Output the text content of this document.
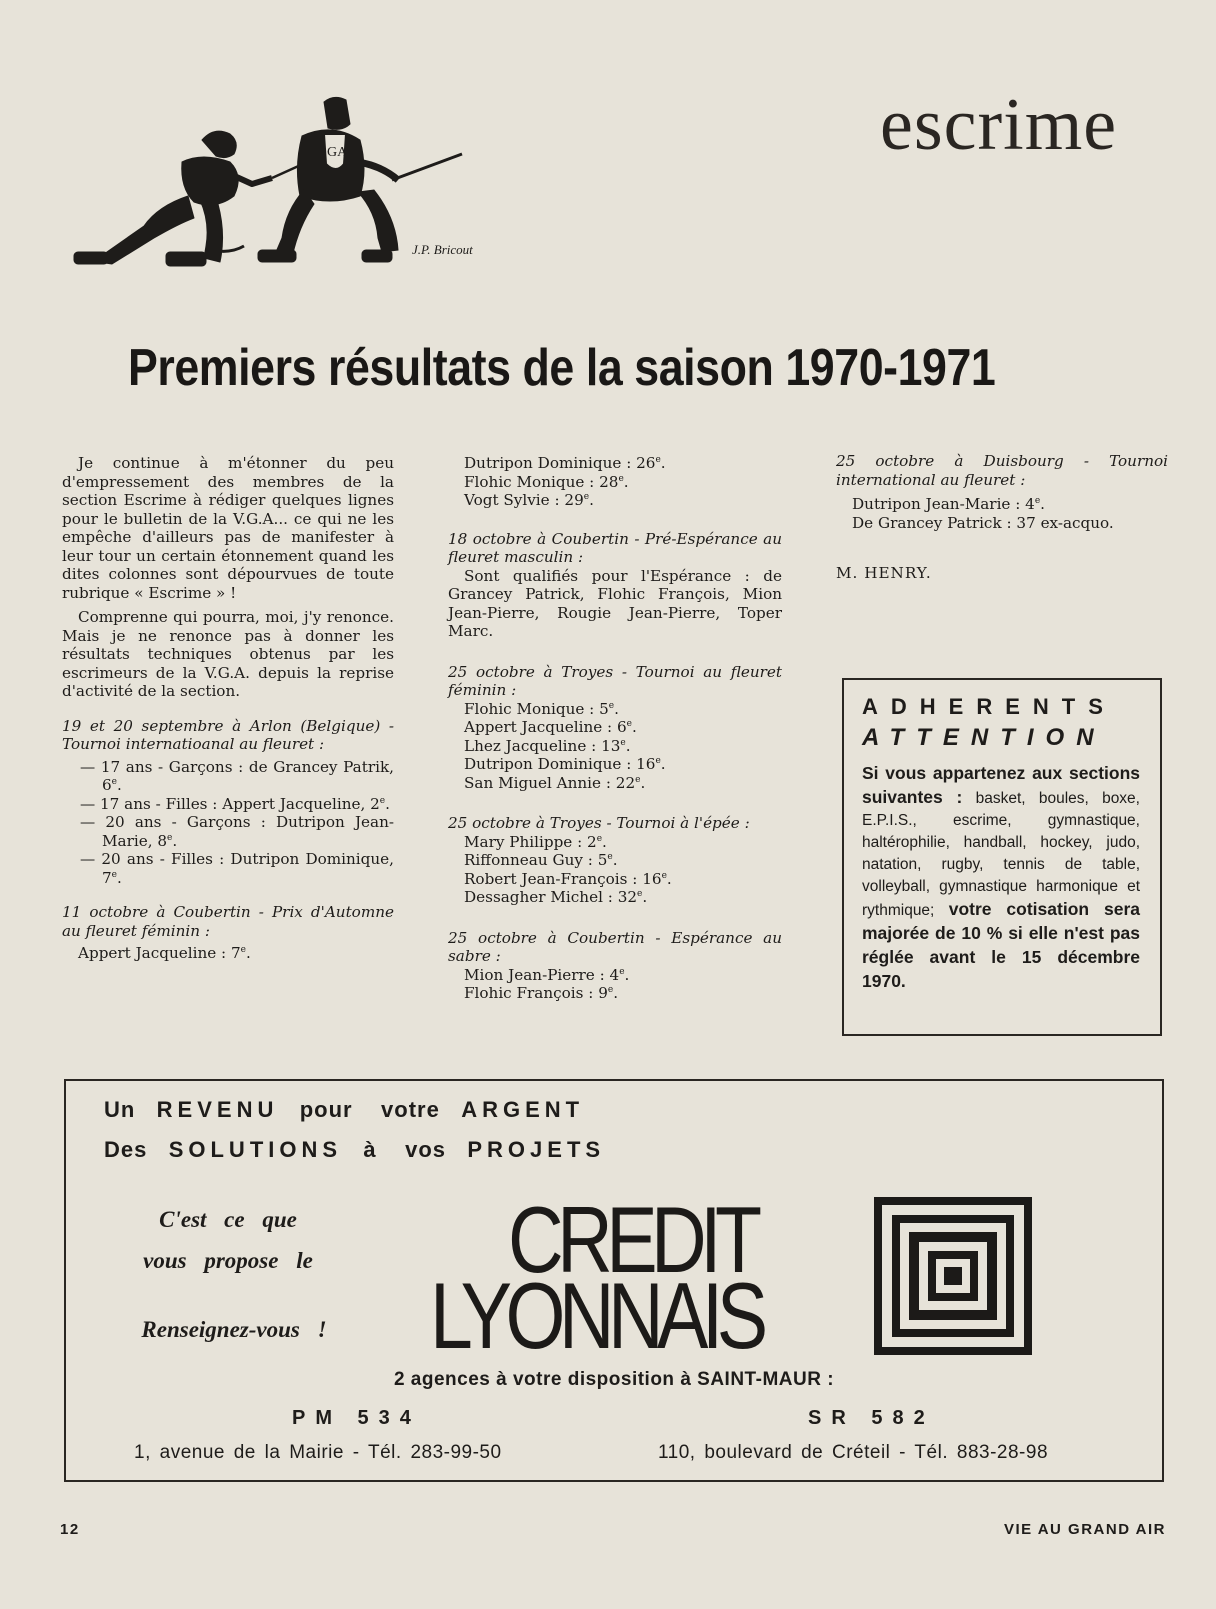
escrime
GA
J.P. Bricout
Premiers résultats de la saison 1970-1971

Je continue à m'étonner du peu d'empressement des membres de la section Escrime à rédiger quelques lignes pour le bulletin de la V.G.A... ce qui ne les empêche d'ailleurs pas de manifester à leur tour un certain étonnement quand les dites colonnes sont dépourvues de toute rubrique « Escrime » !

Comprenne qui pourra, moi, j'y renonce. Mais je ne renonce pas à donner les résultats techniques obtenus par les escrimeurs de la V.G.A. depuis la reprise d'activité de la section.

19 et 20 septembre à Arlon (Belgique) - Tournoi internatioanal au fleuret :

— 17 ans - Garçons : de Grancey Patrik, 6e.

— 17 ans - Filles : Appert Jacqueline, 2e.

— 20 ans - Garçons : Dutripon Jean-Marie, 8e.

— 20 ans - Filles : Dutripon Dominique, 7e.

11 octobre à Coubertin - Prix d'Automne au fleuret féminin :

Appert Jacqueline : 7e.

Dutripon Dominique : 26e.

Flohic Monique : 28e.

Vogt Sylvie : 29e.

18 octobre à Coubertin - Pré-Espérance au fleuret masculin :

Sont qualifiés pour l'Espérance : de Grancey Patrick, Flohic François, Mion Jean-Pierre, Rougie Jean-Pierre, Toper Marc.

25 octobre à Troyes - Tournoi au fleuret féminin :

Flohic Monique : 5e.

Appert Jacqueline : 6e.

Lhez Jacqueline : 13e.

Dutripon Dominique : 16e.

San Miguel Annie : 22e.

25 octobre à Troyes - Tournoi à l'épée :

Mary Philippe : 2e.

Riffonneau Guy : 5e.

Robert Jean-François : 16e.

Dessagher Michel : 32e.

25 octobre à Coubertin - Espérance au sabre :

Mion Jean-Pierre : 4e.

Flohic François : 9e.

25 octobre à Duisbourg - Tournoi international au fleuret :

Dutripon Jean-Marie : 4e.

De Grancey Patrick : 37 ex-acquo.

M. HENRY.

ADHERENTS

ATTENTION

Si vous appartenez aux sections suivantes : basket, boules, boxe, E.P.I.S., escrime, gymnastique, haltérophilie, handball, hockey, judo, natation, rugby, tennis de table, volleyball, gymnastique harmonique et rythmique; votre cotisation sera majorée de 10 % si elle n'est pas réglée avant le 15 décembre 1970.
Un REVENU pour votre ARGENT
Des SOLUTIONS à vos PROJETS
C'est ce que
vous propose le
Renseignez-vous !
CREDIT
LYONNAIS
2 agences à votre disposition à SAINT-MAUR :
PM 534	SR 582
1, avenue de la Mairie - Tél. 283-99-50	110, boulevard de Créteil - Tél. 883-28-98
12	VIE AU GRAND AIR
